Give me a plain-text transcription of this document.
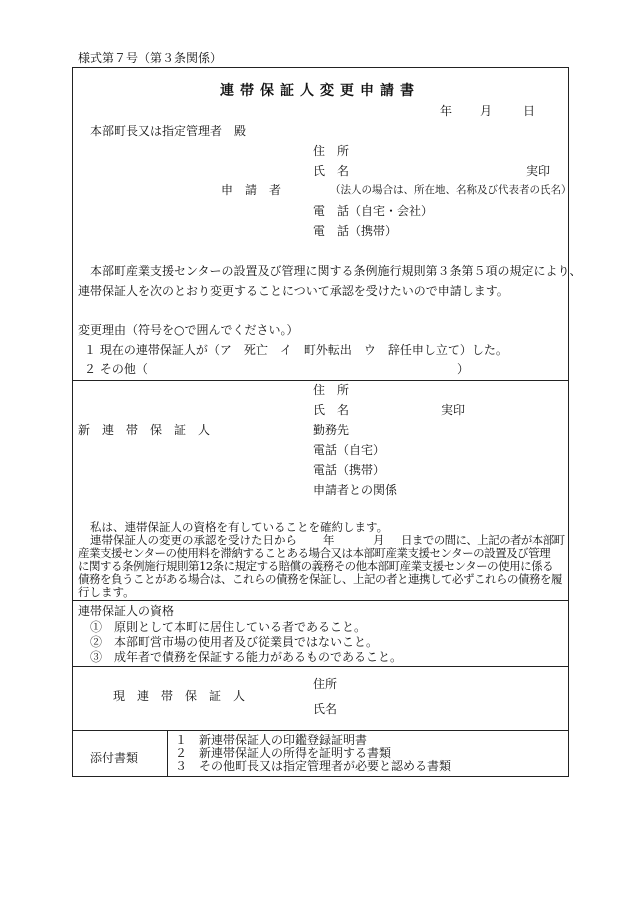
様式第７号（第３条関係）
連帯保証人変更申請書
年 月	日
本部町長又は指定管理者　殿
住　所
氏　名	実印
申　請　者	（法人の場合は、所在地、名称及び代表者の氏名）
電　話（自宅・会社）
電　話（携帯）
本部町産業支援センターの設置及び管理に関する条例施行規則第３条第５項の規定により、
連帯保証人を次のとおり変更することについて承認を受けたいので申請します。
変更理由（符号を○で囲んでください。）
１ 現在の連帯保証人が（ア　死亡　イ　町外転出　ウ　辞任申し立て）した。
２ その他（	）
住　所
氏　名	実印
新　連　帯　保　証　人	勤務先
電話（自宅）
電話（携帯）
申請者との関係
私は、連帯保証人の資格を有していることを確約します。
連帯保証人の変更の承認を受けた日から 年	月 日までの間に、上記の者が本部町
産業支援センターの使用料を滞納することある場合又は本部町産業支援センターの設置及び管理
に関する条例施行規則第12条に規定する賠償の義務その他本部町産業支援センターの使用に係る
債務を負うことがある場合は、これらの債務を保証し、上記の者と連携して必ずこれらの債務を履
行します。
連帯保証人の資格
①　原則として本町に居住している者であること。
②　本部町営市場の使用者及び従業員ではないこと。
③　成年者で債務を保証する能力があるものであること。
住所
現　連　帯　保　証　人
氏名
添付書類
１　新連帯保証人の印鑑登録証明書
２　新連帯保証人の所得を証明する書類
３　その他町長又は指定管理者が必要と認める書類
